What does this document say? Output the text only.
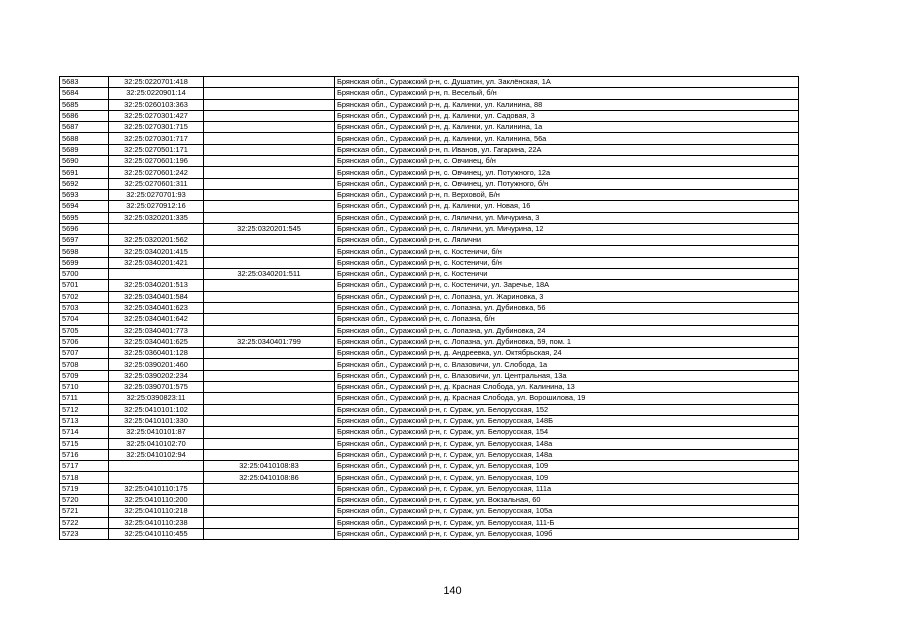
5683	32:25:0220701:418		Брянская обл., Суражский р-н, с. Душатин, ул. Заклёнская, 1А
5684	32:25:0220901:14		Брянская обл., Суражский р-н, п. Веселый, б/н
5685	32:25:0260103:363		Брянская обл., Суражский р-н, д. Калинки, ул. Калинина, 88
5686	32:25:0270301:427		Брянская обл., Суражский р-н, д. Калинки, ул. Садовая, 3
5687	32:25:0270301:715		Брянская обл., Суражский р-н, д. Калинки, ул. Калинина, 1а
5688	32:25:0270301:717		Брянская обл., Суражский р-н, д. Калинки, ул. Калинина, 56а
5689	32:25:0270501:171		Брянская обл., Суражский р-н, п. Иванов, ул. Гагарина, 22А
5690	32:25:0270601:196		Брянская обл., Суражский р-н, с. Овчинец, б/н
5691	32:25:0270601:242		Брянская обл., Суражский р-н, с. Овчинец, ул. Потужного, 12а
5692	32:25:0270601:311		Брянская обл., Суражский р-н, с. Овчинец, ул. Потужного, б/н
5693	32:25:0270701:93		Брянская обл., Суражский р-н, п. Верховой, Б/н
5694	32:25:0270912:16		Брянская обл., Суражский р-н, д. Калинки, ул. Новая, 16
5695	32:25:0320201:335		Брянская обл., Суражский р-н, с. Лялични, ул. Мичурина, 3
5696		32:25:0320201:545	Брянская обл., Суражский р-н, с. Лялични, ул. Мичурина, 12
5697	32:25:0320201:562		Брянская обл., Суражский р-н, с. Лялични
5698	32:25:0340201:415		Брянская обл., Суражский р-н, с. Костеничи, б/н
5699	32:25:0340201:421		Брянская обл., Суражский р-н, с. Костеничи, б/н
5700		32:25:0340201:511	Брянская обл., Суражский р-н, с. Костеничи
5701	32:25:0340201:513		Брянская обл., Суражский р-н, с. Костеничи, ул. Заречье, 18А
5702	32:25:0340401:584		Брянская обл., Суражский р-н, с. Лопазна, ул. Жариновка, 3
5703	32:25:0340401:623		Брянская обл., Суражский р-н, с. Лопазна, ул. Дубиновка, 56
5704	32:25:0340401:642		Брянская обл., Суражский р-н, с. Лопазна, б/н
5705	32:25:0340401:773		Брянская обл., Суражский р-н, с. Лопазна, ул. Дубиновка, 24
5706	32:25:0340401:625	32:25:0340401:799	Брянская обл., Суражский р-н, с. Лопазна, ул. Дубиновка, 59, пом. 1
5707	32:25:0360401:128		Брянская обл., Суражский р-н, д. Андреевка, ул. Октябрьская, 24
5708	32:25:0390201:460		Брянская обл., Суражский р-н, с. Влазовичи, ул. Слобода, 1а
5709	32:25:0390202:234		Брянская обл., Суражский р-н, с. Влазовичи, ул. Центральная, 13а
5710	32:25:0390701:575		Брянская обл., Суражский р-н, д. Красная Слобода, ул. Калинина, 13
5711	32:25:0390823:11		Брянская обл., Суражский р-н, д. Красная Слобода, ул. Ворошилова, 19
5712	32:25:0410101:102		Брянская обл., Суражский р-н, г. Сураж, ул. Белорусская, 152
5713	32:25:0410101:330		Брянская обл., Суражский р-н, г. Сураж, ул. Белорусская, 148Б
5714	32:25:0410101:87		Брянская обл., Суражский р-н, г. Сураж, ул. Белорусская, 154
5715	32:25:0410102:70		Брянская обл., Суражский р-н, г. Сураж, ул. Белорусская, 148а
5716	32:25:0410102:94		Брянская обл., Суражский р-н, г. Сураж, ул. Белорусская, 148а
5717		32:25:0410108:83	Брянская обл., Суражский р-н, г. Сураж, ул. Белорусская, 109
5718		32:25:0410108:86	Брянская обл., Суражский р-н, г. Сураж, ул. Белорусская, 109
5719	32:25:0410110:175		Брянская обл., Суражский р-н, г. Сураж, ул. Белорусская, 111а
5720	32:25:0410110:200		Брянская обл., Суражский р-н, г. Сураж, ул. Вокзальная, 60
5721	32:25:0410110:218		Брянская обл., Суражский р-н, г. Сураж, ул. Белорусская, 105а
5722	32:25:0410110:238		Брянская обл., Суражский р-н, г. Сураж, ул. Белорусская, 111-Б
5723	32:25:0410110:455		Брянская обл., Суражский р-н, г. Сураж, ул. Белорусская, 109б
140
